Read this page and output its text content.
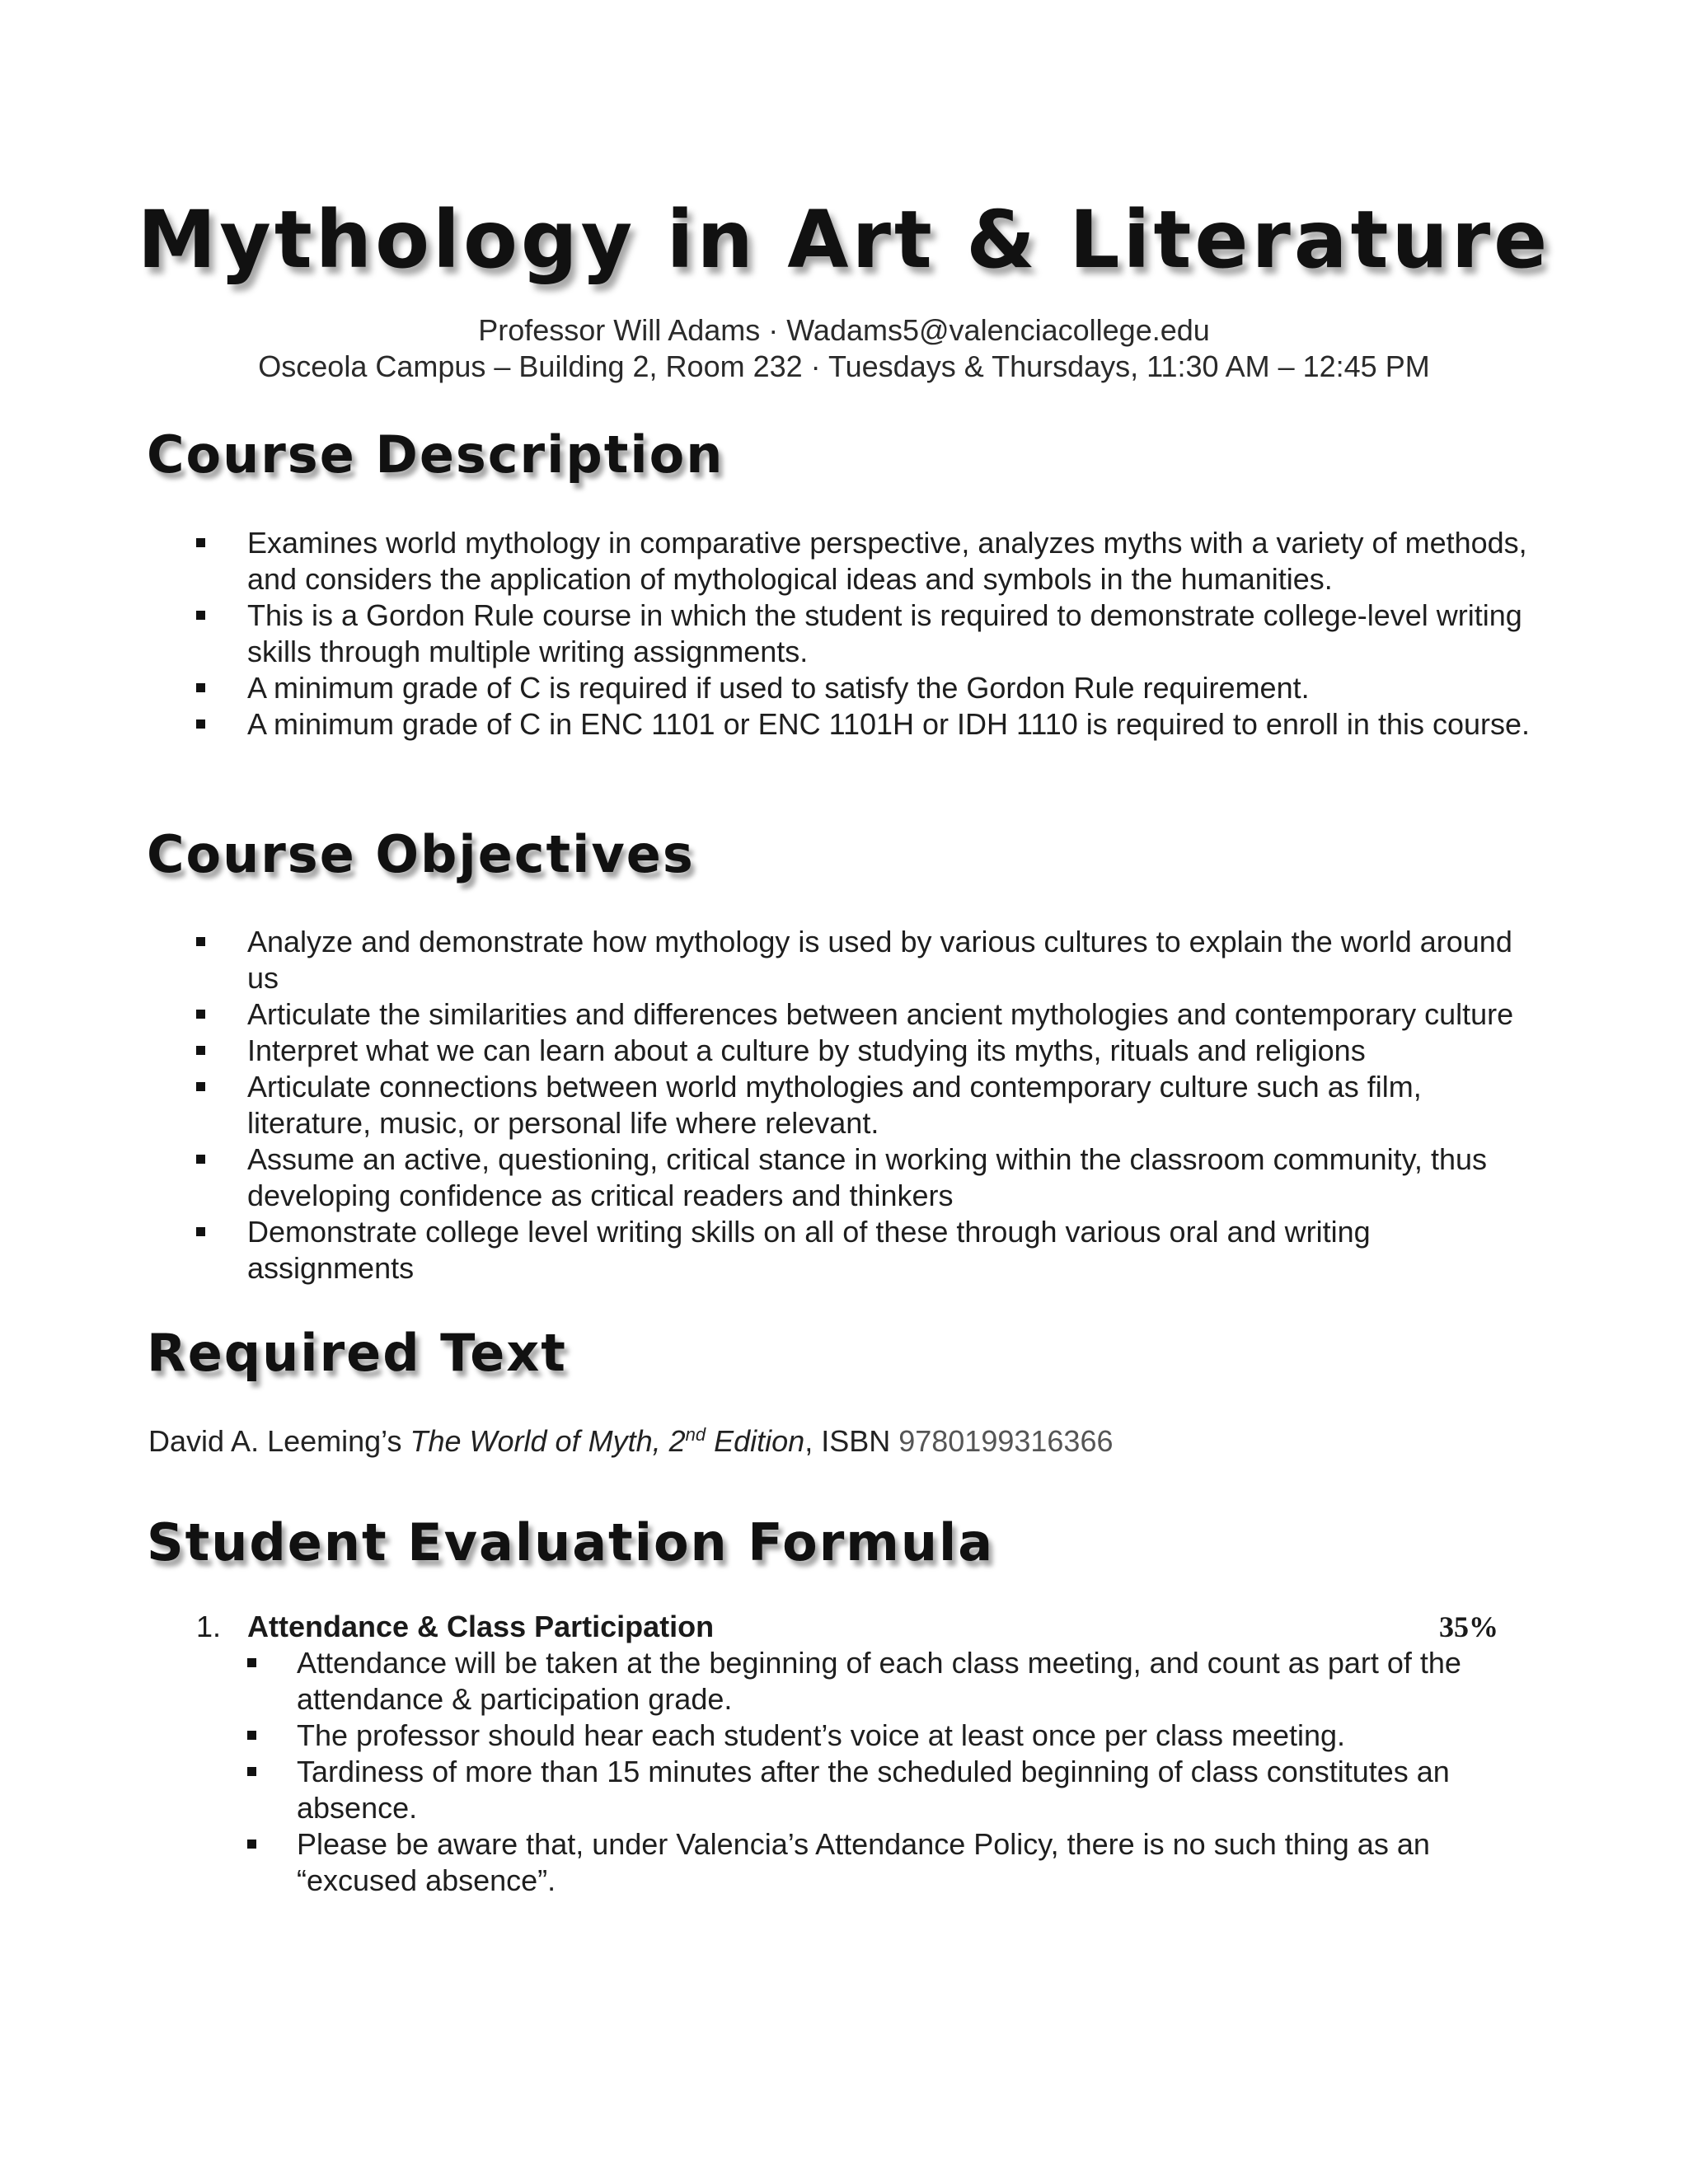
Mythology in Art & Literature
Professor Will Adams · Wadams5@valenciacollege.edu
Osceola Campus – Building 2, Room 232 · Tuesdays & Thursdays, 11:30 AM – 12:45 PM
Course Description
Examines world mythology in comparative perspective, analyzes myths with a variety of methods, and considers the application of mythological ideas and symbols in the humanities.
This is a Gordon Rule course in which the student is required to demonstrate college-level writing skills through multiple writing assignments.
A minimum grade of C is required if used to satisfy the Gordon Rule requirement.
A minimum grade of C in ENC 1101 or ENC 1101H or IDH 1110 is required to enroll in this course.
Course Objectives
Analyze and demonstrate how mythology is used by various cultures to explain the world around us
Articulate the similarities and differences between ancient mythologies and contemporary culture
Interpret what we can learn about a culture by studying its myths, rituals and religions
Articulate connections between world mythologies and contemporary culture such as film, literature, music, or personal life where relevant.
Assume an active, questioning, critical stance in working within the classroom community, thus developing confidence as critical readers and thinkers
Demonstrate college level writing skills on all of these through various oral and writing assignments
Required Text
David A. Leeming’s The World of Myth, 2nd Edition, ISBN 9780199316366
Student Evaluation Formula
1. Attendance & Class Participation	35%
Attendance will be taken at the beginning of each class meeting, and count as part of the attendance & participation grade.
The professor should hear each student’s voice at least once per class meeting.
Tardiness of more than 15 minutes after the scheduled beginning of class constitutes an absence.
Please be aware that, under Valencia’s Attendance Policy, there is no such thing as an “excused absence”.
